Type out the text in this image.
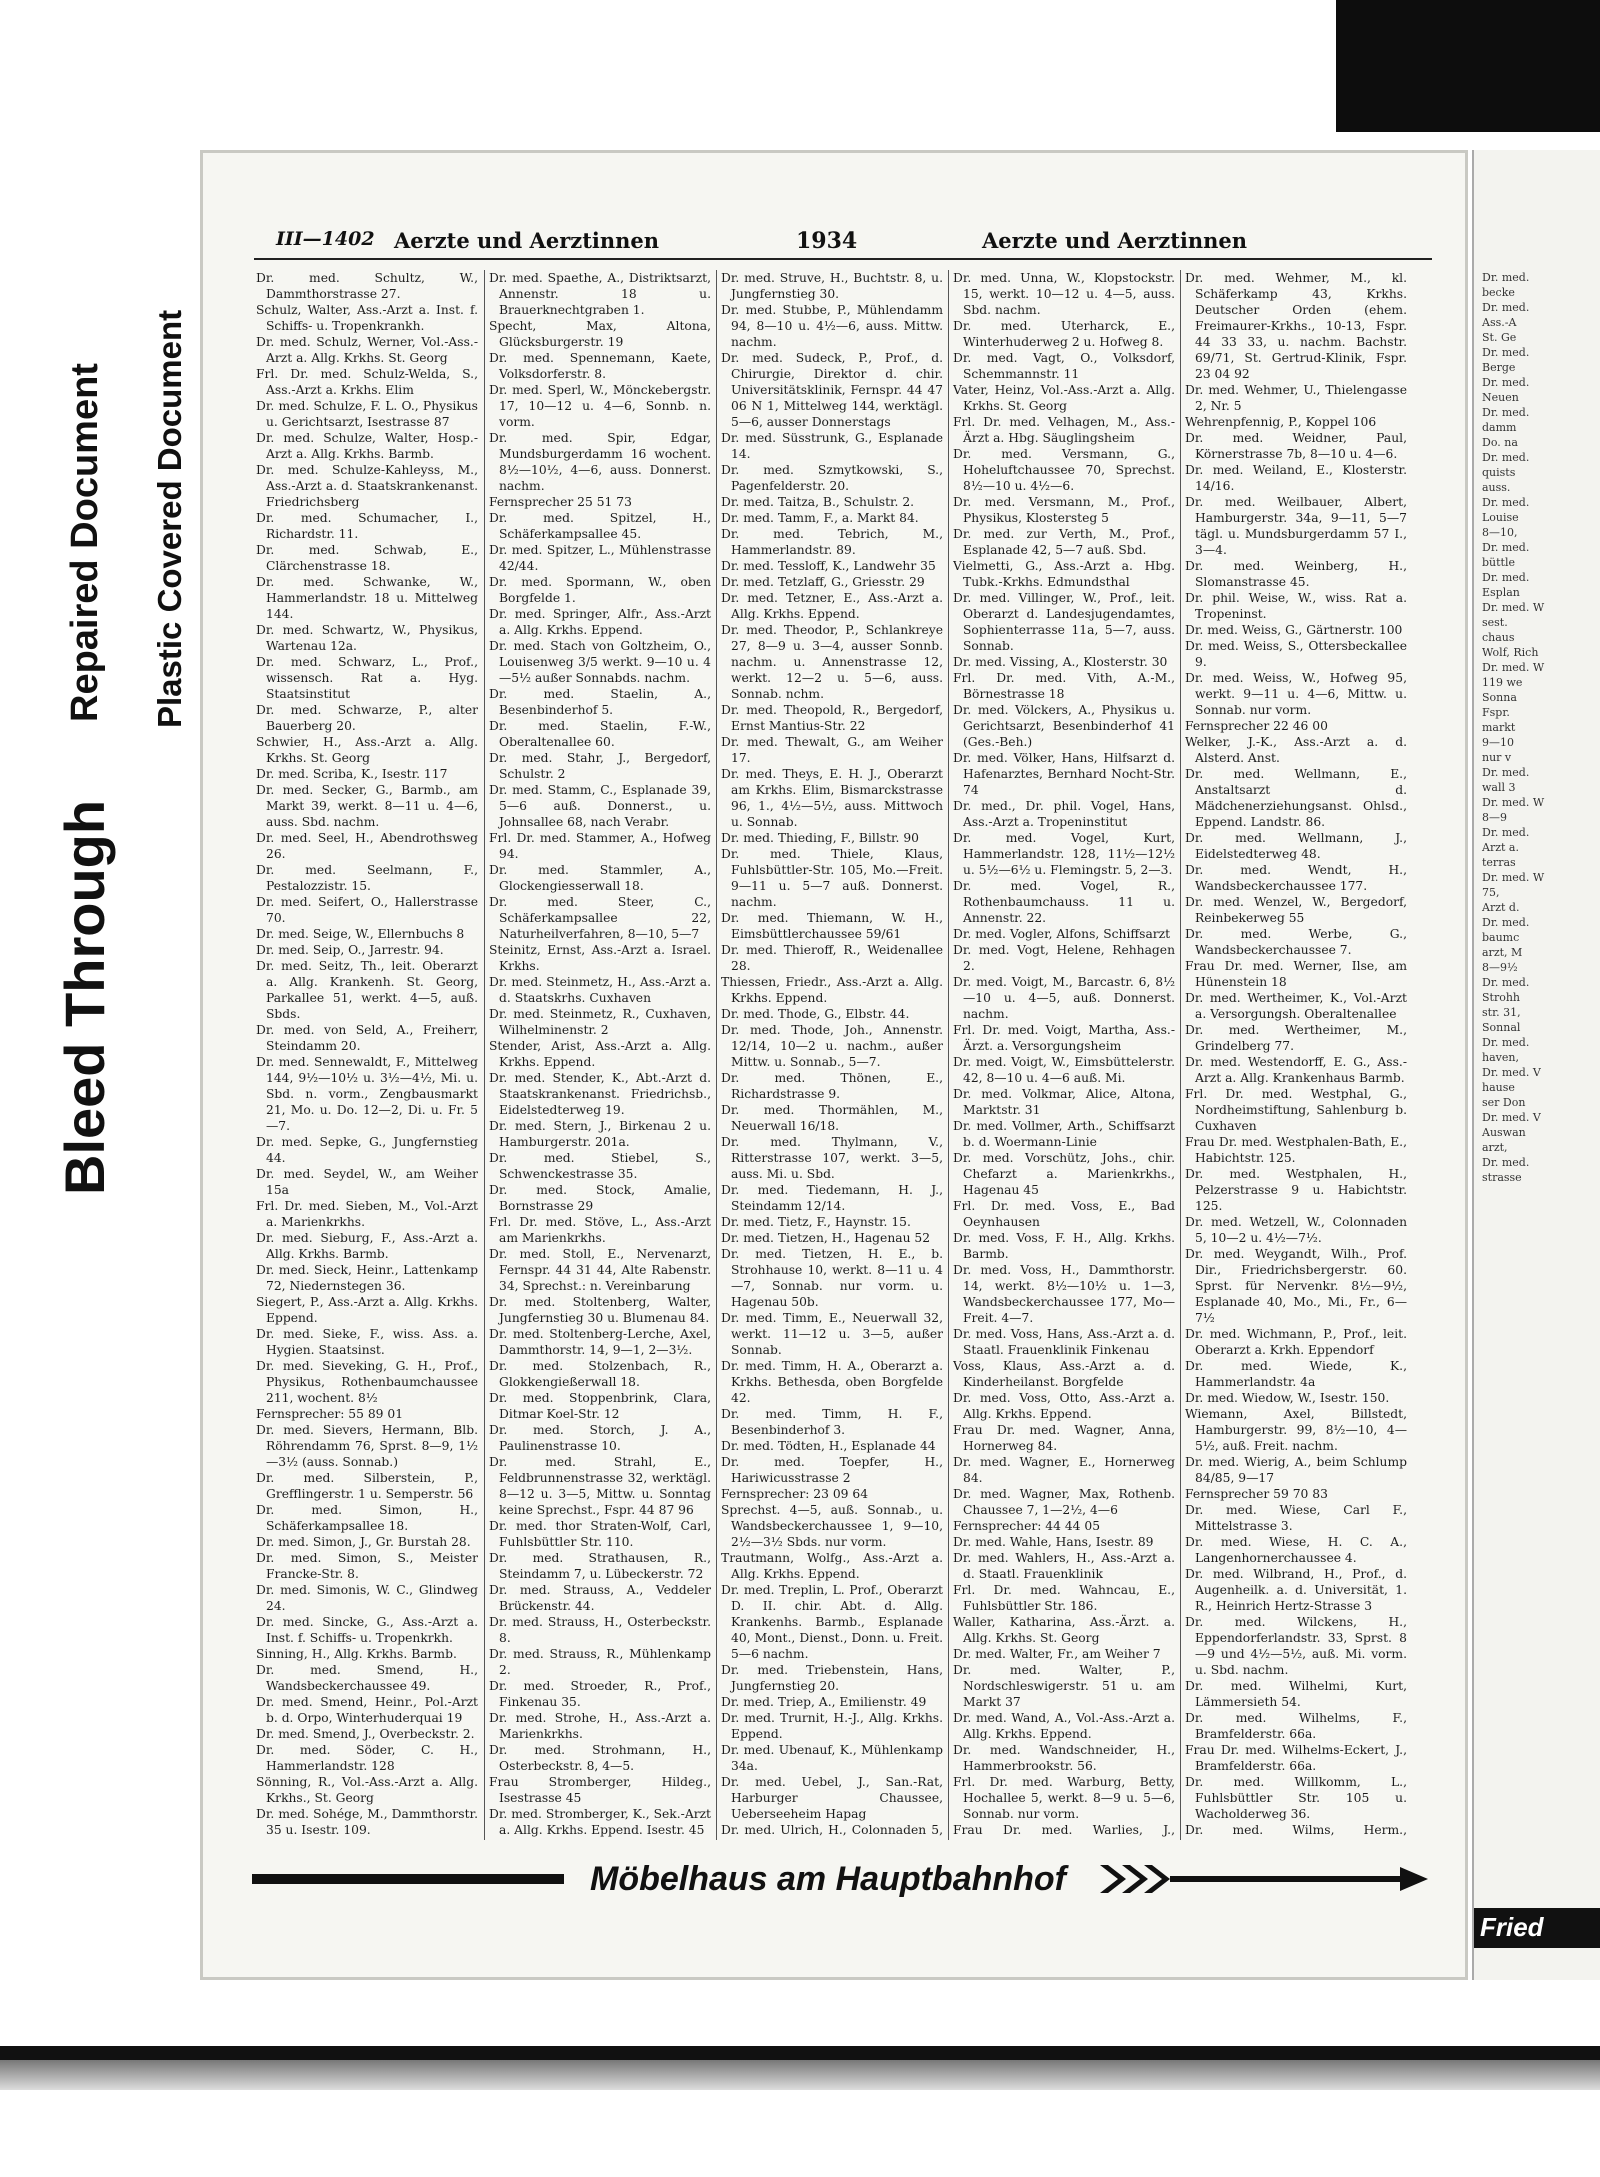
Bleed Through
Repaired Document Plastic Covered Document
Dr. med.
becke
Dr. med.
Ass.-A
St. Ge
Dr. med.
Berge
Dr. med.
Neuen
Dr. med.
damm
Do. na
Dr. med.
quists
auss.
Dr. med.
Louise
8—10,
Dr. med.
büttle
Dr. med.
Esplan
Dr. med. W
sest.
chaus
Wolf, Rich
Dr. med. W
119 we
Sonna
Fspr.
markt
9—10
nur v
Dr. med.
wall 3
Dr. med. W
8—9
Dr. med.
Arzt a.
terras
Dr. med. W
75,
Arzt d.
Dr. med.
baumc
arzt, M
8—9½
Dr. med.
Strohh
str. 31,
Sonnal
Dr. med.
haven,
Dr. med. V
hause
ser Don
Dr. med. V
Auswan
arzt,
Dr. med.
strasse
Fried
III—1402 Aerzte und Aerztinnen	1934	Aerzte und Aerztinnen

Dr. med. Schultz, W., Dammthorstrasse 27.

Schulz, Walter, Ass.-Arzt a. Inst. f. Schiffs- u. Tropenkrankh.

Dr. med. Schulz, Werner, Vol.-Ass.-Arzt a. Allg. Krkhs. St. Georg

Frl. Dr. med. Schulz-Welda, S., Ass.-Arzt a. Krkhs. Elim

Dr. med. Schulze, F. L. O., Physikus u. Gerichtsarzt, Isestrasse 87

Dr. med. Schulze, Walter, Hosp.-Arzt a. Allg. Krkhs. Barmb.

Dr. med. Schulze-Kahleyss, M., Ass.-Arzt a. d. Staatskrankenanst. Friedrichsberg

Dr. med. Schumacher, I., Richardstr. 11.

Dr. med. Schwab, E., Clärchenstrasse 18.

Dr. med. Schwanke, W., Hammerlandstr. 18 u. Mittelweg 144.

Dr. med. Schwartz, W., Physikus, Wartenau 12a.

Dr. med. Schwarz, L., Prof., wissensch. Rat a. Hyg. Staatsinstitut

Dr. med. Schwarze, P., alter Bauerberg 20.

Schwier, H., Ass.-Arzt a. Allg. Krkhs. St. Georg

Dr. med. Scriba, K., Isestr. 117

Dr. med. Secker, G., Barmb., am Markt 39, werkt. 8—11 u. 4—6, auss. Sbd. nachm.

Dr. med. Seel, H., Abendrothsweg 26.

Dr. med. Seelmann, F., Pestalozzistr. 15.

Dr. med. Seifert, O., Hallerstrasse 70.

Dr. med. Seige, W., Ellernbuchs 8

Dr. med. Seip, O., Jarrestr. 94.

Dr. med. Seitz, Th., leit. Oberarzt a. Allg. Krankenh. St. Georg, Parkallee 51, werkt. 4—5, auß. Sbds.

Dr. med. von Seld, A., Freiherr, Steindamm 20.

Dr. med. Sennewaldt, F., Mittelweg 144, 9½—10½ u. 3½—4½, Mi. u. Sbd. n. vorm., Zengbausmarkt 21, Mo. u. Do. 12—2, Di. u. Fr. 5—7.

Dr. med. Sepke, G., Jungfernstieg 44.

Dr. med. Seydel, W., am Weiher 15a

Frl. Dr. med. Sieben, M., Vol.-Arzt a. Marienkrkhs.

Dr. med. Sieburg, F., Ass.-Arzt a. Allg. Krkhs. Barmb.

Dr. med. Sieck, Heinr., Lattenkamp 72, Niedernstegen 36.

Siegert, P., Ass.-Arzt a. Allg. Krkhs. Eppend.

Dr. med. Sieke, F., wiss. Ass. a. Hygien. Staatsinst.

Dr. med. Sieveking, G. H., Prof., Physikus, Rothenbaumchaussee 211, wochent. 8½

Fernsprecher: 55 89 01

Dr. med. Sievers, Hermann, Blb. Röhrendamm 76, Sprst. 8—9, 1½—3½ (auss. Sonnab.)

Dr. med. Silberstein, P., Grefflingerstr. 1 u. Semperstr. 56

Dr. med. Simon, H., Schäferkampsallee 18.

Dr. med. Simon, J., Gr. Burstah 28.

Dr. med. Simon, S., Meister Francke-Str. 8.

Dr. med. Simonis, W. C., Glindweg 24.

Dr. med. Sincke, G., Ass.-Arzt a. Inst. f. Schiffs- u. Tropenkrkh.

Sinning, H., Allg. Krkhs. Barmb.

Dr. med. Smend, H., Wandsbeckerchaussee 49.

Dr. med. Smend, Heinr., Pol.-Arzt b. d. Orpo, Winterhuderquai 19

Dr. med. Smend, J., Overbeckstr. 2.

Dr. med. Söder, C. H., Hammerlandstr. 128

Sönning, R., Vol.-Ass.-Arzt a. Allg. Krkhs., St. Georg

Dr. med. Sohége, M., Dammthorstr. 35 u. Isestr. 109.

Dr. med. Spaethe, A., Distriktsarzt, Annenstr. 18 u. Brauerknechtgraben 1.

Specht, Max, Altona, Glücksburgerstr. 19

Dr. med. Spennemann, Kaete, Volksdorferstr. 8.

Dr. med. Sperl, W., Mönckebergstr. 17, 10—12 u. 4—6, Sonnb. n. vorm.

Dr. med. Spir, Edgar, Mundsburgerdamm 16 wochent. 8½—10½, 4—6, auss. Donnerst. nachm.

Fernsprecher 25 51 73

Dr. med. Spitzel, H., Schäferkampsallee 45.

Dr. med. Spitzer, L., Mühlenstrasse 42/44.

Dr. med. Spormann, W., oben Borgfelde 1.

Dr. med. Springer, Alfr., Ass.-Arzt a. Allg. Krkhs. Eppend.

Dr. med. Stach von Goltzheim, O., Louisenweg 3/5 werkt. 9—10 u. 4—5½ außer Sonnabds. nachm.

Dr. med. Staelin, A., Besenbinderhof 5.

Dr. med. Staelin, F.-W., Oberaltenallee 60.

Dr. med. Stahr, J., Bergedorf, Schulstr. 2

Dr. med. Stamm, C., Esplanade 39, 5—6 auß. Donnerst., u. Johnsallee 68, nach Verabr.

Frl. Dr. med. Stammer, A., Hofweg 94.

Dr. med. Stammler, A., Glockengiesserwall 18.

Dr. med. Steer, C., Schäferkampsallee 22, Naturheilverfahren, 8—10, 5—7

Steinitz, Ernst, Ass.-Arzt a. Israel. Krkhs.

Dr. med. Steinmetz, H., Ass.-Arzt a. d. Staatskrhs. Cuxhaven

Dr. med. Steinmetz, R., Cuxhaven, Wilhelminenstr. 2

Stender, Arist, Ass.-Arzt a. Allg. Krkhs. Eppend.

Dr. med. Stender, K., Abt.-Arzt d. Staatskrankenanst. Friedrichsb., Eidelstedterweg 19.

Dr. med. Stern, J., Birkenau 2 u. Hamburgerstr. 201a.

Dr. med. Stiebel, S., Schwenckestrasse 35.

Dr. med. Stock, Amalie, Bornstrasse 29

Frl. Dr. med. Stöve, L., Ass.-Arzt am Marienkrkhs.

Dr. med. Stoll, E., Nervenarzt, Fernspr. 44 31 44, Alte Rabenstr. 34, Sprechst.: n. Vereinbarung

Dr. med. Stoltenberg, Walter, Jungfernstieg 30 u. Blumenau 84.

Dr. med. Stoltenberg-Lerche, Axel, Dammthorstr. 14, 9—1, 2—3½.

Dr. med. Stolzenbach, R., Glokkengießerwall 18.

Dr. med. Stoppenbrink, Clara, Ditmar Koel-Str. 12

Dr. med. Storch, J. A., Paulinenstrasse 10.

Dr. med. Strahl, E., Feldbrunnenstrasse 32, werktägl. 8—12 u. 3—5, Mittw. u. Sonntag keine Sprechst., Fspr. 44 87 96

Dr. med. thor Straten-Wolf, Carl, Fuhlsbüttler Str. 110.

Dr. med. Strathausen, R., Steindamm 7, u. Lübeckerstr. 72

Dr. med. Strauss, A., Veddeler Brückenstr. 44.

Dr. med. Strauss, H., Osterbeckstr. 8.

Dr. med. Strauss, R., Mühlenkamp 2.

Dr. med. Stroeder, R., Prof., Finkenau 35.

Dr. med. Strohe, H., Ass.-Arzt a. Marienkrkhs.

Dr. med. Strohmann, H., Osterbeckstr. 8, 4—5.

Frau Stromberger, Hildeg., Isestrasse 45

Dr. med. Stromberger, K., Sek.-Arzt a. Allg. Krkhs. Eppend. Isestr. 45

Dr. med. Struve, H., Buchtstr. 8, u. Jungfernstieg 30.

Dr. med. Stubbe, P., Mühlendamm 94, 8—10 u. 4½—6, auss. Mittw. nachm.

Dr. med. Sudeck, P., Prof., d. Chirurgie, Direktor d. chir. Universitätsklinik, Fernspr. 44 47 06 N 1, Mittelweg 144, werktägl. 5—6, ausser Donnerstags

Dr. med. Süsstrunk, G., Esplanade 14.

Dr. med. Szmytkowski, S., Pagenfelderstr. 20.

Dr. med. Taitza, B., Schulstr. 2.

Dr. med. Tamm, F., a. Markt 84.

Dr. med. Tebrich, M., Hammerlandstr. 89.

Dr. med. Tessloff, K., Landwehr 35

Dr. med. Tetzlaff, G., Griesstr. 29

Dr. med. Tetzner, E., Ass.-Arzt a. Allg. Krkhs. Eppend.

Dr. med. Theodor, P., Schlankreye 27, 8—9 u. 3—4, ausser Sonnb. nachm. u. Annenstrasse 12, werkt. 12—2 u. 5—6, auss. Sonnab. nchm.

Dr. med. Theopold, R., Bergedorf, Ernst Mantius-Str. 22

Dr. med. Thewalt, G., am Weiher 17.

Dr. med. Theys, E. H. J., Oberarzt am Krkhs. Elim, Bismarckstrasse 96, 1., 4½—5½, auss. Mittwoch u. Sonnab.

Dr. med. Thieding, F., Billstr. 90

Dr. med. Thiele, Klaus, Fuhlsbüttler-Str. 105, Mo.—Freit. 9—11 u. 5—7 auß. Donnerst. nachm.

Dr. med. Thiemann, W. H., Eimsbüttlerchaussee 59/61

Dr. med. Thieroff, R., Weidenallee 28.

Thiessen, Friedr., Ass.-Arzt a. Allg. Krkhs. Eppend.

Dr. med. Thode, G., Elbstr. 44.

Dr. med. Thode, Joh., Annenstr. 12/14, 10—2 u. nachm., außer Mittw. u. Sonnab., 5—7.

Dr. med. Thönen, E., Richardstrasse 9.

Dr. med. Thormählen, M., Neuerwall 16/18.

Dr. med. Thylmann, V., Ritterstrasse 107, werkt. 3—5, auss. Mi. u. Sbd.

Dr. med. Tiedemann, H. J., Steindamm 12/14.

Dr. med. Tietz, F., Haynstr. 15.

Dr. med. Tietzen, H., Hagenau 52

Dr. med. Tietzen, H. E., b. Strohhause 10, werkt. 8—11 u. 4—7, Sonnab. nur vorm. u. Hagenau 50b.

Dr. med. Timm, E., Neuerwall 32, werkt. 11—12 u. 3—5, außer Sonnab.

Dr. med. Timm, H. A., Oberarzt a. Krkhs. Bethesda, oben Borgfelde 42.

Dr. med. Timm, H. F., Besenbinderhof 3.

Dr. med. Tödten, H., Esplanade 44

Dr. med. Toepfer, H., Hariwicusstrasse 2

Fernsprecher: 23 09 64

Sprechst. 4—5, auß. Sonnab., u. Wandsbeckerchaussee 1, 9—10, 2½—3½ Sbds. nur vorm.

Trautmann, Wolfg., Ass.-Arzt a. Allg. Krkhs. Eppend.

Dr. med. Treplin, L. Prof., Oberarzt D. II. chir. Abt. d. Allg. Krankenhs. Barmb., Esplanade 40, Mont., Dienst., Donn. u. Freit. 5—6 nachm.

Dr. med. Triebenstein, Hans, Jungfernstieg 20.

Dr. med. Triep, A., Emilienstr. 49

Dr. med. Trurnit, H.-J., Allg. Krkhs. Eppend.

Dr. med. Ubenauf, K., Mühlenkamp 34a.

Dr. med. Uebel, J., San.-Rat, Harburger Chaussee, Ueberseeheim Hapag

Dr. med. Ulrich, H., Colonnaden 5,

Dr. med. Unna, W., Klopstockstr. 15, werkt. 10—12 u. 4—5, auss. Sbd. nachm.

Dr. med. Uterharck, E., Winterhuderweg 2 u. Hofweg 8.

Dr. med. Vagt, O., Volksdorf, Schemmannstr. 11

Vater, Heinz, Vol.-Ass.-Arzt a. Allg. Krkhs. St. Georg

Frl. Dr. med. Velhagen, M., Ass.-Ärzt a. Hbg. Säuglingsheim

Dr. med. Versmann, G., Hoheluftchaussee 70, Sprechst. 8½—10 u. 4½—6.

Dr. med. Versmann, M., Prof., Physikus, Klostersteg 5

Dr. med. zur Verth, M., Prof., Esplanade 42, 5—7 auß. Sbd.

Vielmetti, G., Ass.-Arzt a. Hbg. Tubk.-Krkhs. Edmundsthal

Dr. med. Villinger, W., Prof., leit. Oberarzt d. Landesjugendamtes, Sophienterrasse 11a, 5—7, auss. Sonnab.

Dr. med. Vissing, A., Klosterstr. 30

Frl. Dr. med. Vith, A.-M., Börnestrasse 18

Dr. med. Völckers, A., Physikus u. Gerichtsarzt, Besenbinderhof 41 (Ges.-Beh.)

Dr. med. Völker, Hans, Hilfsarzt d. Hafenarztes, Bernhard Nocht-Str. 74

Dr. med., Dr. phil. Vogel, Hans, Ass.-Arzt a. Tropeninstitut

Dr. med. Vogel, Kurt, Hammerlandstr. 128, 11½—12½ u. 5½—6½ u. Flemingstr. 5, 2—3.

Dr. med. Vogel, R., Rothenbaumchauss. 11 u. Annenstr. 22.

Dr. med. Vogler, Alfons, Schiffsarzt

Dr. med. Vogt, Helene, Rehhagen 2.

Dr. med. Voigt, M., Barcastr. 6, 8½—10 u. 4—5, auß. Donnerst. nachm.

Frl. Dr. med. Voigt, Martha, Ass.-Ärzt. a. Versorgungsheim

Dr. med. Voigt, W., Eimsbüttelerstr. 42, 8—10 u. 4—6 auß. Mi.

Dr. med. Volkmar, Alice, Altona, Marktstr. 31

Dr. med. Vollmer, Arth., Schiffsarzt b. d. Woermann-Linie

Dr. med. Vorschütz, Johs., chir. Chefarzt a. Marienkrkhs., Hagenau 45

Frl. Dr. med. Voss, E., Bad Oeynhausen

Dr. med. Voss, F. H., Allg. Krkhs. Barmb.

Dr. med. Voss, H., Dammthorstr. 14, werkt. 8½—10½ u. 1—3, Wandsbeckerchaussee 177, Mo—Freit. 4—7.

Dr. med. Voss, Hans, Ass.-Arzt a. d. Staatl. Frauenklinik Finkenau

Voss, Klaus, Ass.-Arzt a. d. Kinderheilanst. Borgfelde

Dr. med. Voss, Otto, Ass.-Arzt a. Allg. Krkhs. Eppend.

Frau Dr. med. Wagner, Anna, Hornerweg 84.

Dr. med. Wagner, E., Hornerweg 84.

Dr. med. Wagner, Max, Rothenb. Chaussee 7, 1—2½, 4—6

Fernsprecher: 44 44 05

Dr. med. Wahle, Hans, Isestr. 89

Dr. med. Wahlers, H., Ass.-Arzt a. d. Staatl. Frauenklinik

Frl. Dr. med. Wahncau, E., Fuhlsbüttler Str. 186.

Waller, Katharina, Ass.-Ärzt. a. Allg. Krkhs. St. Georg

Dr. med. Walter, Fr., am Weiher 7

Dr. med. Walter, P., Nordschleswigerstr. 51 u. am Markt 37

Dr. med. Wand, A., Vol.-Ass.-Arzt a. Allg. Krkhs. Eppend.

Dr. med. Wandschneider, H., Hammerbrookstr. 56.

Frl. Dr. med. Warburg, Betty, Hochallee 5, werkt. 8—9 u. 5—6, Sonnab. nur vorm.

Frau Dr. med. Warlies, J.,

Dr. med. Wehmer, M., kl. Schäferkamp 43, Krkhs. Deutscher Orden (ehem. Freimaurer-Krkhs., 10-13, Fspr. 44 33 33, u. nachm. Bachstr. 69/71, St. Gertrud-Klinik, Fspr. 23 04 92

Dr. med. Wehmer, U., Thielengasse 2, Nr. 5

Wehrenpfennig, P., Koppel 106

Dr. med. Weidner, Paul, Körnerstrasse 7b, 8—10 u. 4—6.

Dr. med. Weiland, E., Klosterstr. 14/16.

Dr. med. Weilbauer, Albert, Hamburgerstr. 34a, 9—11, 5—7 tägl. u. Mundsburgerdamm 57 I., 3—4.

Dr. med. Weinberg, H., Slomanstrasse 45.

Dr. phil. Weise, W., wiss. Rat a. Tropeninst.

Dr. med. Weiss, G., Gärtnerstr. 100

Dr. med. Weiss, S., Ottersbeckallee 9.

Dr. med. Weiss, W., Hofweg 95, werkt. 9—11 u. 4—6, Mittw. u. Sonnab. nur vorm.

Fernsprecher 22 46 00

Welker, J.-K., Ass.-Arzt a. d. Alsterd. Anst.

Dr. med. Wellmann, E., Anstaltsarzt d. Mädchenerziehungsanst. Ohlsd., Eppend. Landstr. 86.

Dr. med. Wellmann, J., Eidelstedterweg 48.

Dr. med. Wendt, H., Wandsbeckerchaussee 177.

Dr. med. Wenzel, W., Bergedorf, Reinbekerweg 55

Dr. med. Werbe, G., Wandsbeckerchaussee 7.

Frau Dr. med. Werner, Ilse, am Hünenstein 18

Dr. med. Wertheimer, K., Vol.-Arzt a. Versorgungsh. Oberaltenallee

Dr. med. Wertheimer, M., Grindelberg 77.

Dr. med. Westendorff, E. G., Ass.-Arzt a. Allg. Krankenhaus Barmb.

Frl. Dr. med. Westphal, G., Nordheimstiftung, Sahlenburg b. Cuxhaven

Frau Dr. med. Westphalen-Bath, E., Habichtstr. 125.

Dr. med. Westphalen, H., Pelzerstrasse 9 u. Habichtstr. 125.

Dr. med. Wetzell, W., Colonnaden 5, 10—2 u. 4½—7½.

Dr. med. Weygandt, Wilh., Prof. Dir., Friedrichsbergerstr. 60. Sprst. für Nervenkr. 8½—9½, Esplanade 40, Mo., Mi., Fr., 6—7½

Dr. med. Wichmann, P., Prof., leit. Oberarzt a. Krkh. Eppendorf

Dr. med. Wiede, K., Hammerlandstr. 4a

Dr. med. Wiedow, W., Isestr. 150.

Wiemann, Axel, Billstedt, Hamburgerstr. 99, 8½—10, 4—5½, auß. Freit. nachm.

Dr. med. Wierig, A., beim Schlump 84/85, 9—17

Fernsprecher 59 70 83

Dr. med. Wiese, Carl F., Mittelstrasse 3.

Dr. med. Wiese, H. C. A., Langenhornerchaussee 4.

Dr. med. Wilbrand, H., Prof., d. Augenheilk. a. d. Universität, 1. R., Heinrich Hertz-Strasse 3

Dr. med. Wilckens, H., Eppendorferlandstr. 33, Sprst. 8—9 und 4½—5½, auß. Mi. vorm. u. Sbd. nachm.

Dr. med. Wilhelmi, Kurt, Lämmersieth 54.

Dr. med. Wilhelms, F., Bramfelderstr. 66a.

Frau Dr. med. Wilhelms-Eckert, J., Bramfelderstr. 66a.

Dr. med. Willkomm, L., Fuhlsbüttler Str. 105 u. Wacholderweg 36.

Dr. med. Wilms, Herm.,

Möbelhaus am Hauptbahnhof
